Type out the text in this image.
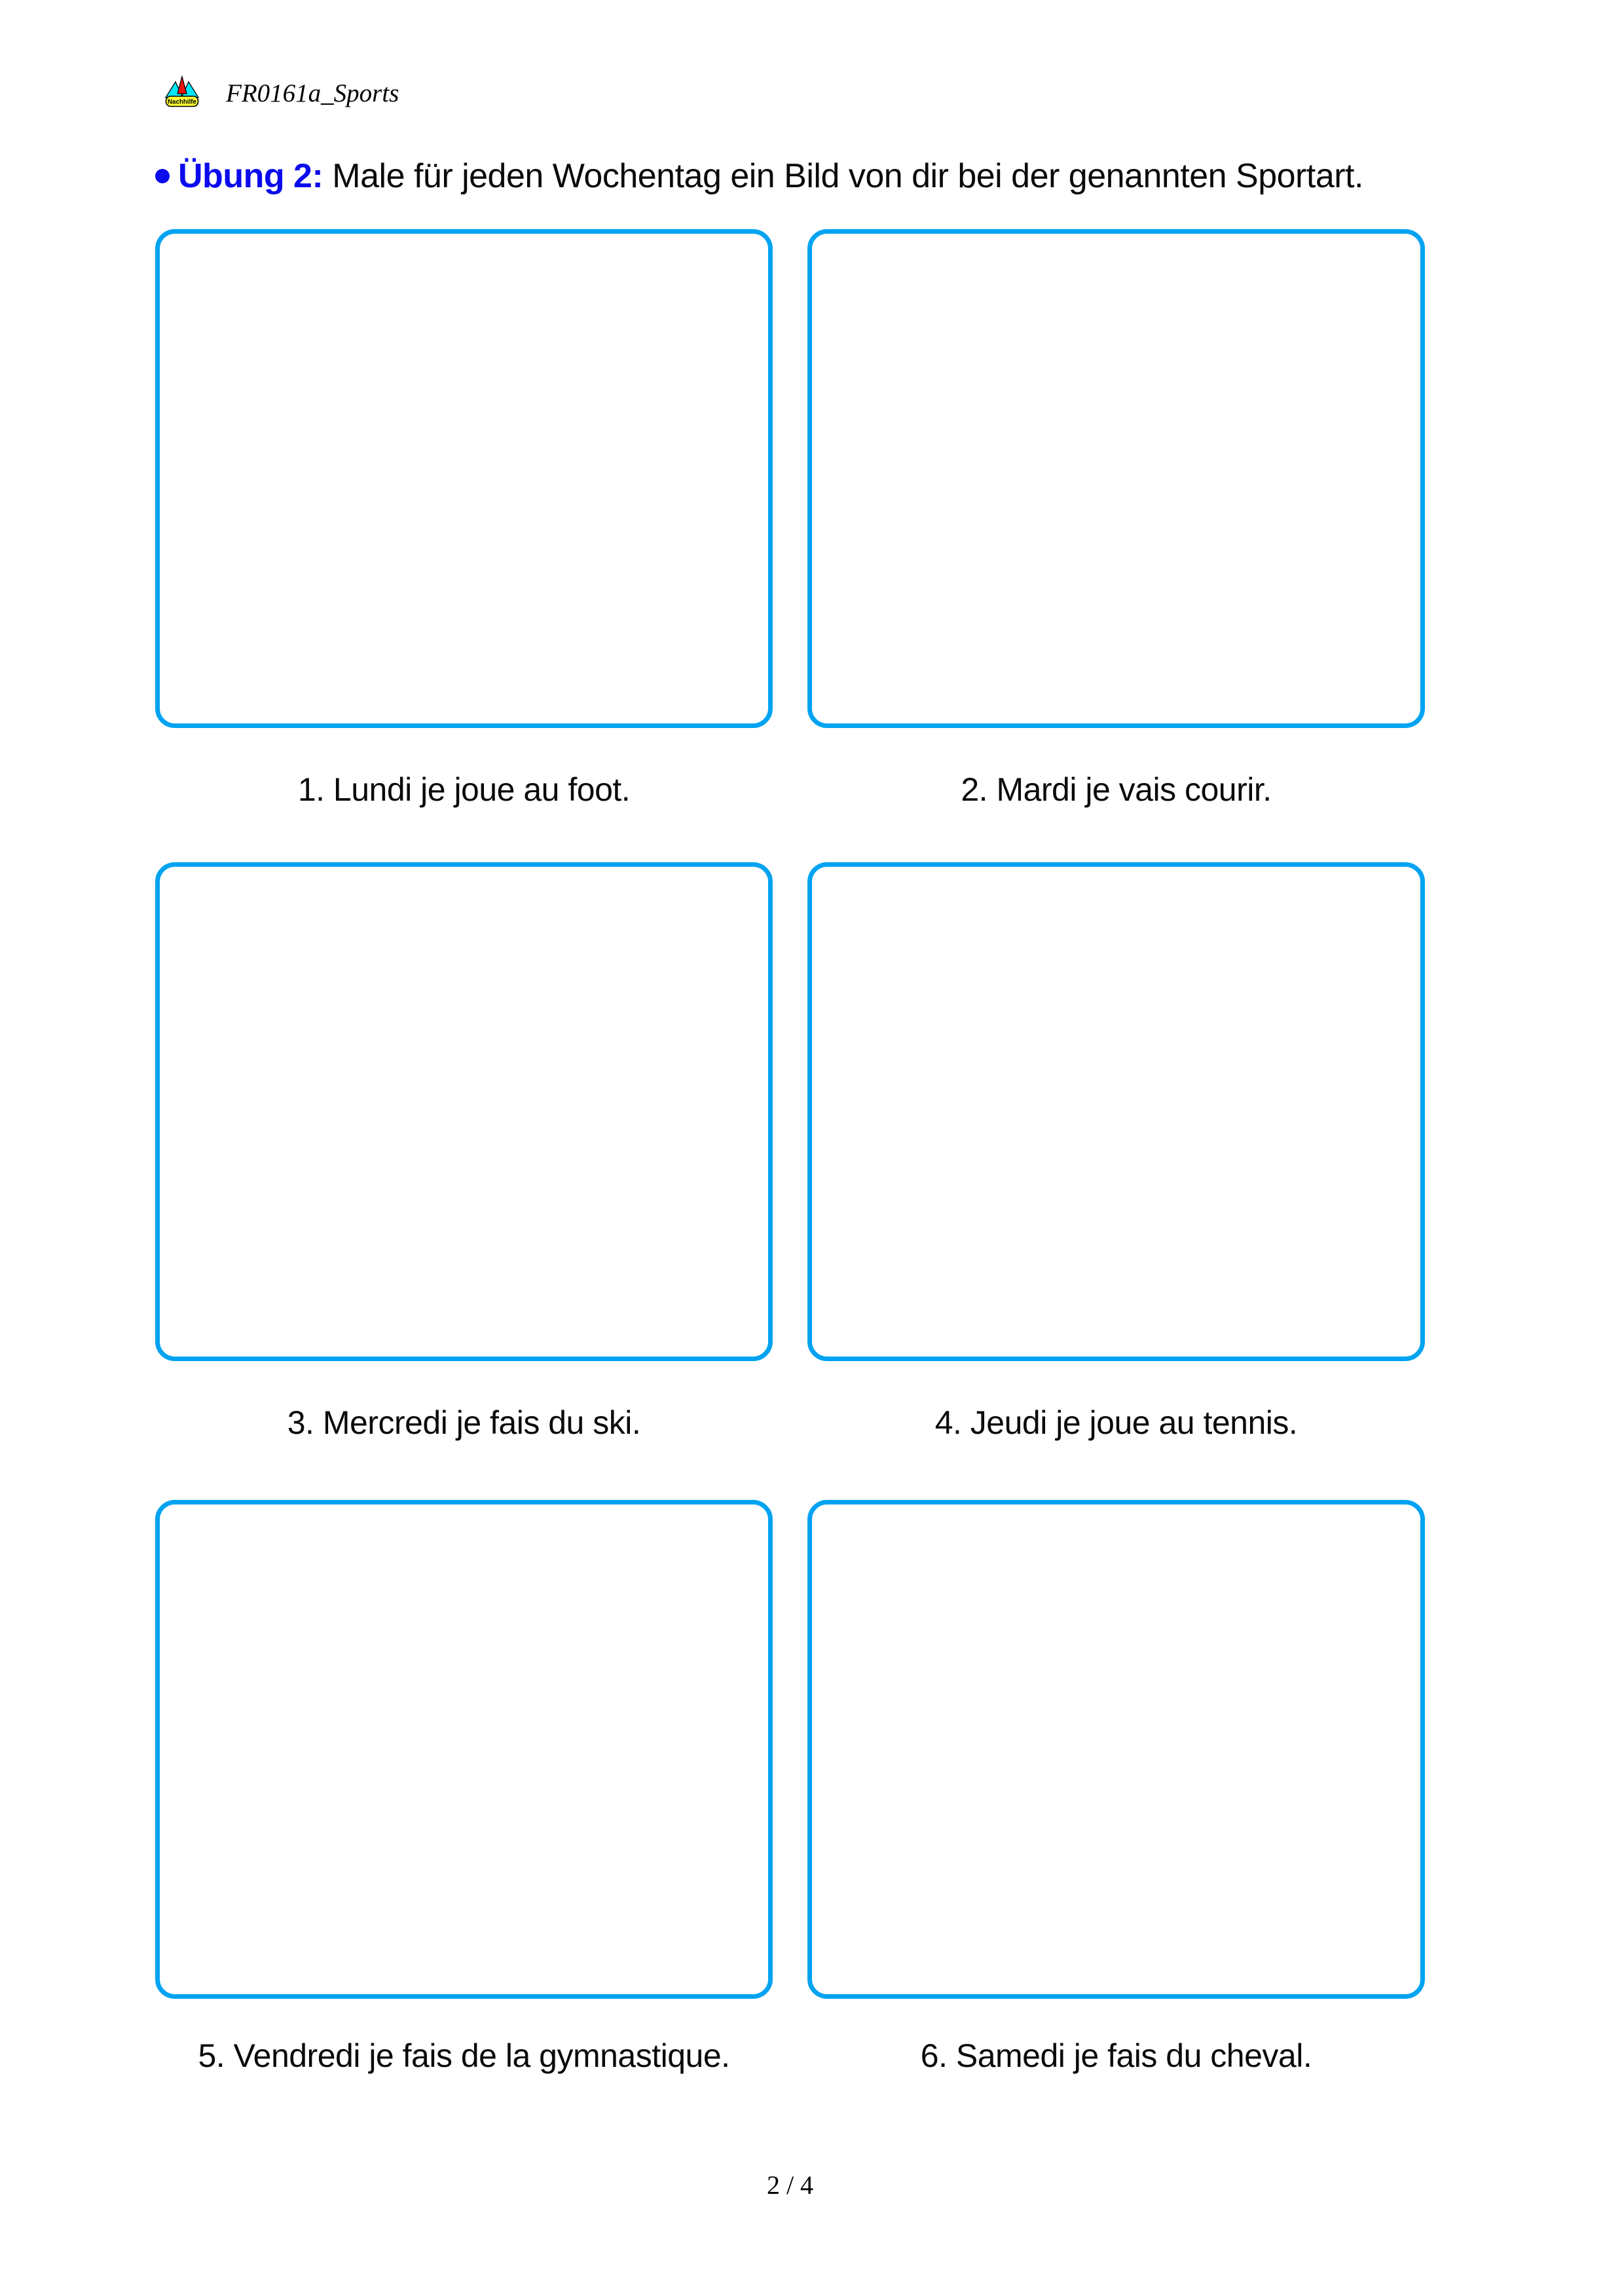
Nachhilfe FR0161a_Sports
Übung 2: Male für jeden Wochentag ein Bild von dir bei der genannten Sportart.
1. Lundi je joue au foot.	2. Mardi je vais courir.
3. Mercredi je fais du ski.	4. Jeudi je joue au tennis.
5. Vendredi je fais de la gymnastique.	6. Samedi je fais du cheval.
2 / 4
